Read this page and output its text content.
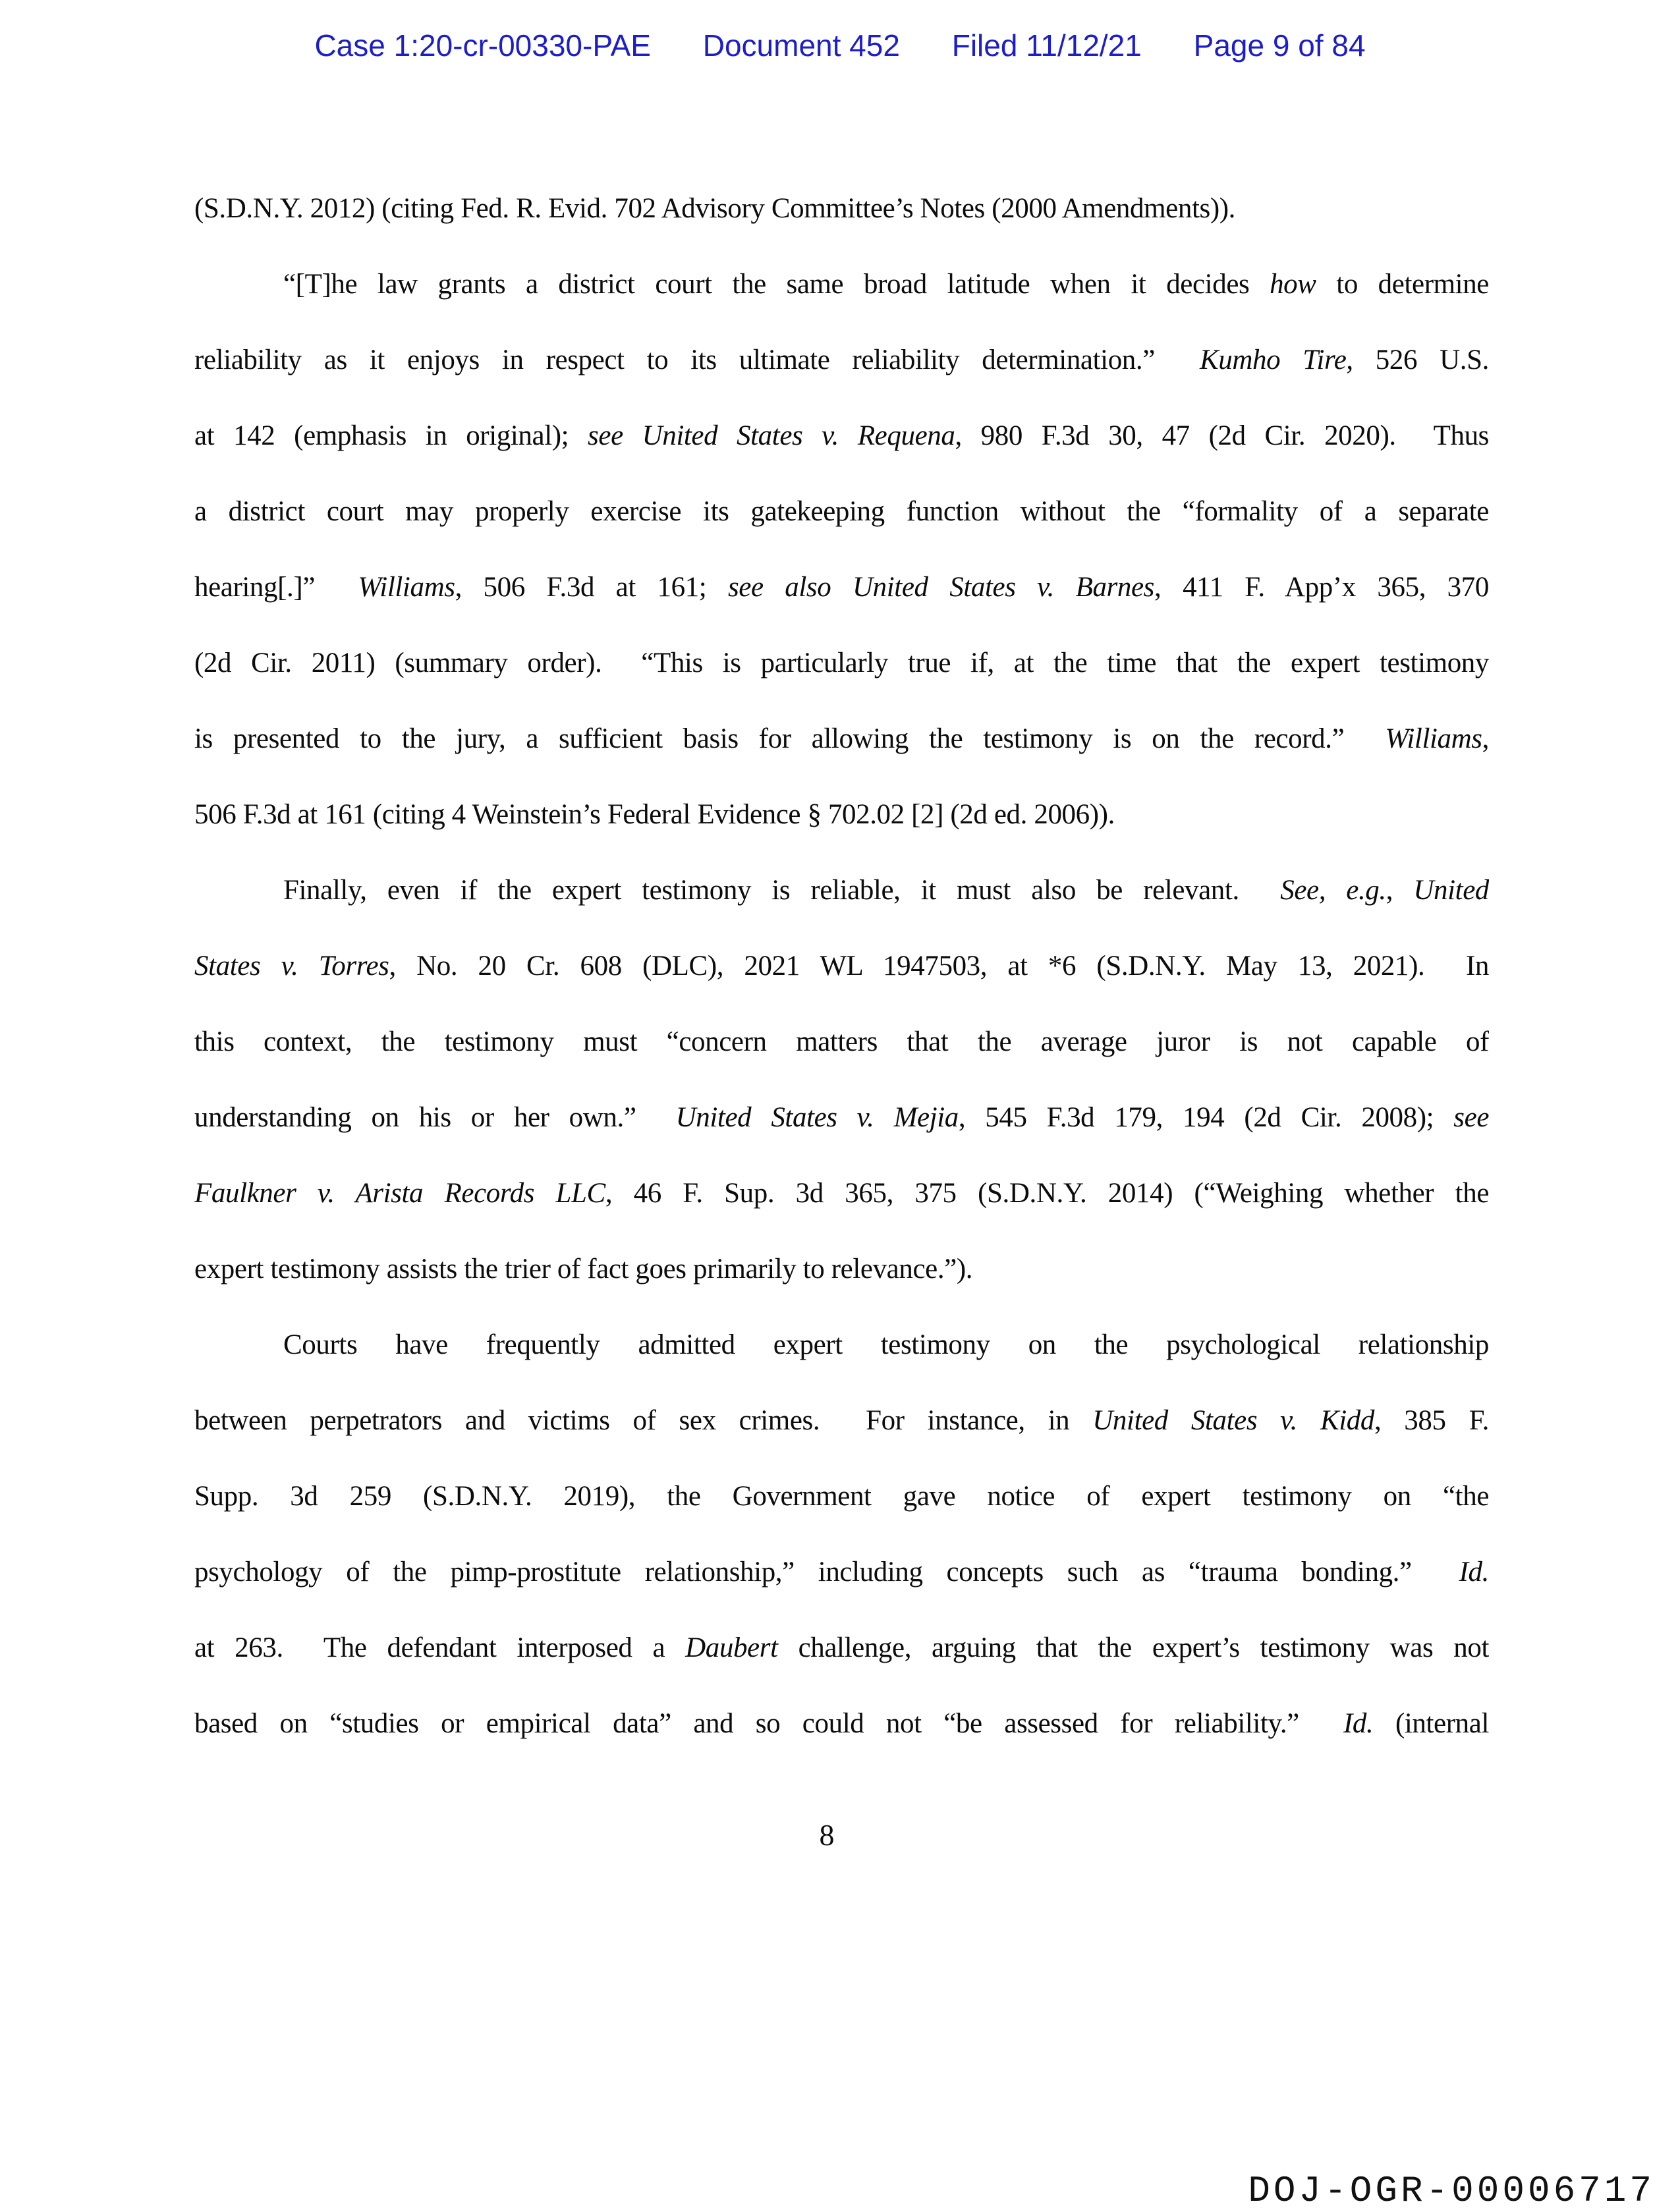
Case 1:20-cr-00330-PAE Document 452 Filed 11/12/21 Page 9 of 84
(S.D.N.Y. 2012) (citing Fed. R. Evid. 702 Advisory Committee’s Notes (2000 Amendments)).
“[T]he law grants a district court the same broad latitude when it decides how to determine
reliability as it enjoys in respect to its ultimate reliability determination.”  Kumho Tire, 526 U.S.
at 142 (emphasis in original); see United States v. Requena, 980 F.3d 30, 47 (2d Cir. 2020).  Thus
a district court may properly exercise its gatekeeping function without the “formality of a separate
hearing[.]”  Williams, 506 F.3d at 161; see also United States v. Barnes, 411 F. App’x 365, 370
(2d Cir. 2011) (summary order).  “This is particularly true if, at the time that the expert testimony
is presented to the jury, a sufficient basis for allowing the testimony is on the record.”  Williams,
506 F.3d at 161 (citing 4 Weinstein’s Federal Evidence § 702.02 [2] (2d ed. 2006)).
Finally, even if the expert testimony is reliable, it must also be relevant.  See, e.g., United
States v. Torres, No. 20 Cr. 608 (DLC), 2021 WL 1947503, at *6 (S.D.N.Y. May 13, 2021).  In
this context, the testimony must “concern matters that the average juror is not capable of
understanding on his or her own.”  United States v. Mejia, 545 F.3d 179, 194 (2d Cir. 2008); see
Faulkner v. Arista Records LLC, 46 F. Sup. 3d 365, 375 (S.D.N.Y. 2014) (“Weighing whether the
expert testimony assists the trier of fact goes primarily to relevance.”).
Courts have frequently admitted expert testimony on the psychological relationship
between perpetrators and victims of sex crimes.  For instance, in United States v. Kidd, 385 F.
Supp. 3d 259 (S.D.N.Y. 2019), the Government gave notice of expert testimony on “the
psychology of the pimp-prostitute relationship,” including concepts such as “trauma bonding.”  Id.
at 263.  The defendant interposed a Daubert challenge, arguing that the expert’s testimony was not
based on “studies or empirical data” and so could not “be assessed for reliability.”  Id. (internal
8
DOJ-OGR-00006717
